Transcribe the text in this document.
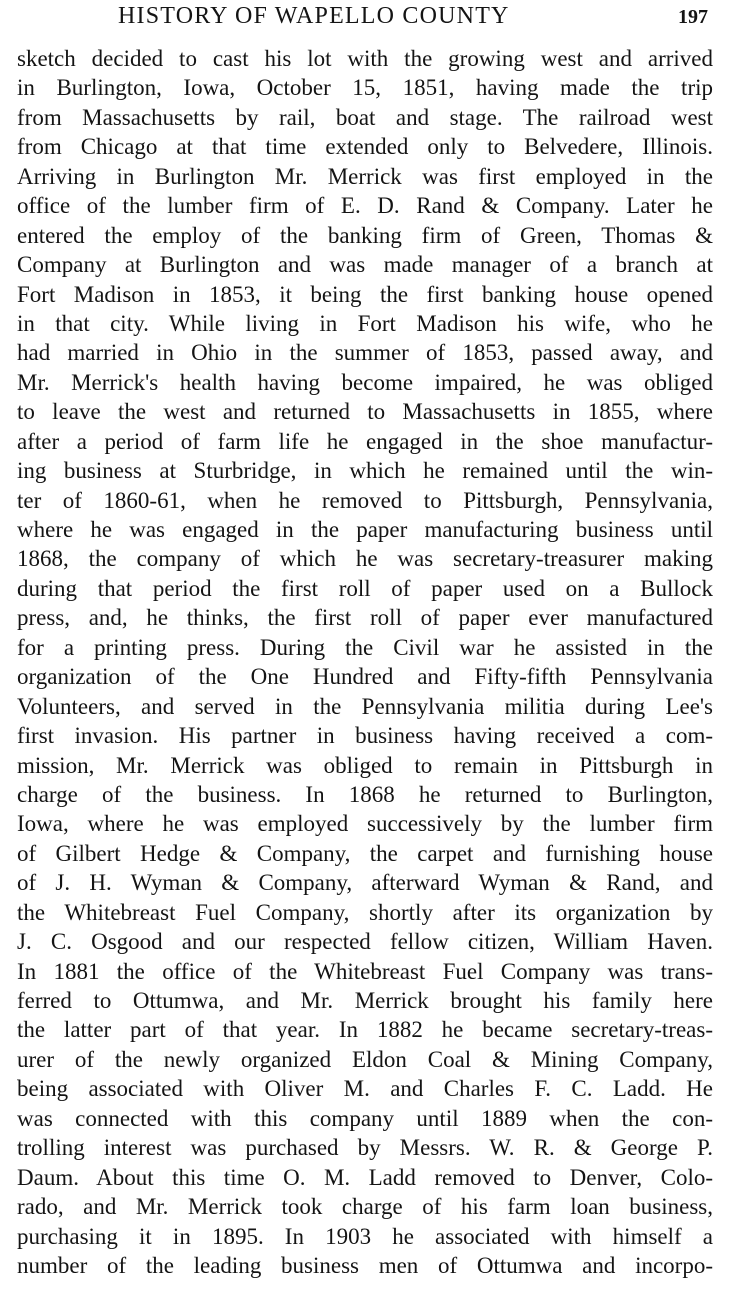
HISTORY OF WAPELLO COUNTY	197
sketch decided to cast his lot with the growing west and arrived
in Burlington, Iowa, October 15, 1851, having made the trip
from Massachusetts by rail, boat and stage. The railroad west
from Chicago at that time extended only to Belvedere, Illinois.
Arriving in Burlington Mr. Merrick was first employed in the
office of the lumber firm of E. D. Rand & Company. Later he
entered the employ of the banking firm of Green, Thomas &
Company at Burlington and was made manager of a branch at
Fort Madison in 1853, it being the first banking house opened
in that city. While living in Fort Madison his wife, who he
had married in Ohio in the summer of 1853, passed away, and
Mr. Merrick's health having become impaired, he was obliged
to leave the west and returned to Massachusetts in 1855, where
after a period of farm life he engaged in the shoe manufactur-
ing business at Sturbridge, in which he remained until the win-
ter of 1860-61, when he removed to Pittsburgh, Pennsylvania,
where he was engaged in the paper manufacturing business until
1868, the company of which he was secretary-treasurer making
during that period the first roll of paper used on a Bullock
press, and, he thinks, the first roll of paper ever manufactured
for a printing press. During the Civil war he assisted in the
organization of the One Hundred and Fifty-fifth Pennsylvania
Volunteers, and served in the Pennsylvania militia during Lee's
first invasion. His partner in business having received a com-
mission, Mr. Merrick was obliged to remain in Pittsburgh in
charge of the business. In 1868 he returned to Burlington,
Iowa, where he was employed successively by the lumber firm
of Gilbert Hedge & Company, the carpet and furnishing house
of J. H. Wyman & Company, afterward Wyman & Rand, and
the Whitebreast Fuel Company, shortly after its organization by
J. C. Osgood and our respected fellow citizen, William Haven.
In 1881 the office of the Whitebreast Fuel Company was trans-
ferred to Ottumwa, and Mr. Merrick brought his family here
the latter part of that year. In 1882 he became secretary-treas-
urer of the newly organized Eldon Coal & Mining Company,
being associated with Oliver M. and Charles F. C. Ladd. He
was connected with this company until 1889 when the con-
trolling interest was purchased by Messrs. W. R. & George P.
Daum. About this time O. M. Ladd removed to Denver, Colo-
rado, and Mr. Merrick took charge of his farm loan business,
purchasing it in 1895. In 1903 he associated with himself a
number of the leading business men of Ottumwa and incorpo-
